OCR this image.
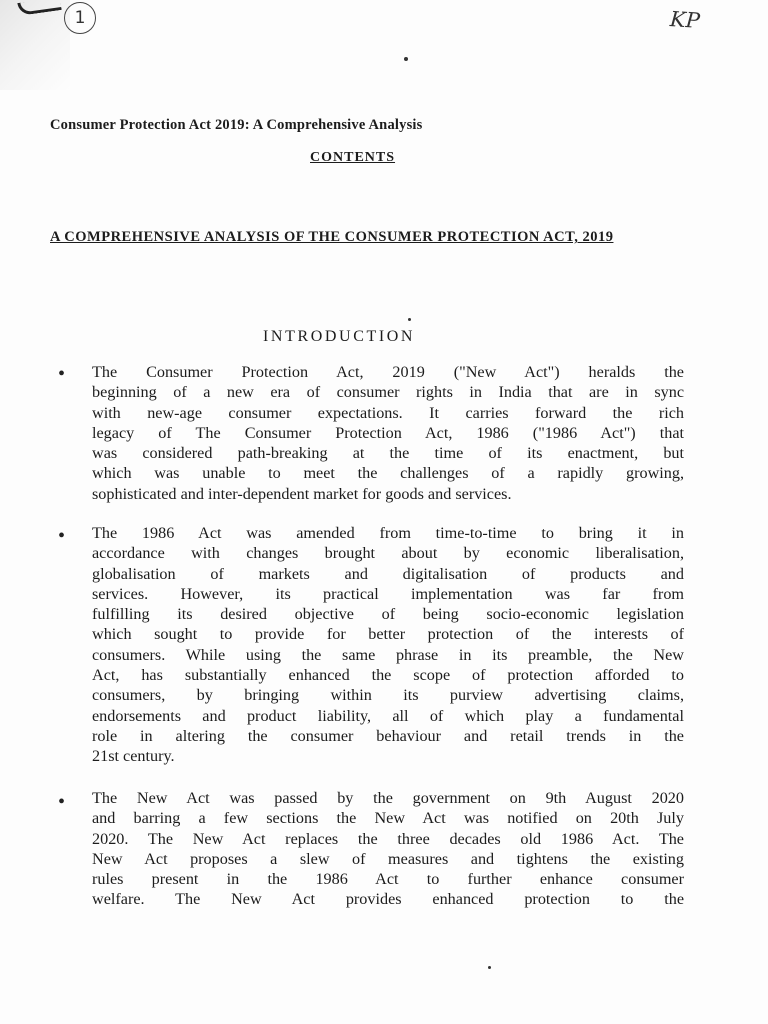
1	KP
Consumer Protection Act 2019: A Comprehensive Analysis
CONTENTS
A COMPREHENSIVE ANALYSIS OF THE CONSUMER PROTECTION ACT, 2019
INTRODUCTION
• The Consumer Protection Act, 2019 ("New Act") heralds the
beginning of a new era of consumer rights in India that are in sync
with new-age consumer expectations. It carries forward the rich
legacy of The Consumer Protection Act, 1986 ("1986 Act") that
was considered path-breaking at the time of its enactment, but
which was unable to meet the challenges of a rapidly growing,
sophisticated and inter-dependent market for goods and services.
• The 1986 Act was amended from time-to-time to bring it in
accordance with changes brought about by economic liberalisation,
globalisation of markets and digitalisation of products and
services. However, its practical implementation was far from
fulfilling its desired objective of being socio-economic legislation
which sought to provide for better protection of the interests of
consumers. While using the same phrase in its preamble, the New
Act, has substantially enhanced the scope of protection afforded to
consumers, by bringing within its purview advertising claims,
endorsements and product liability, all of which play a fundamental
role in altering the consumer behaviour and retail trends in the
21st century.
• The New Act was passed by the government on 9th August 2020
and barring a few sections the New Act was notified on 20th July
2020. The New Act replaces the three decades old 1986 Act. The
New Act proposes a slew of measures and tightens the existing
rules present in the 1986 Act to further enhance consumer
welfare. The New Act provides enhanced protection to the
